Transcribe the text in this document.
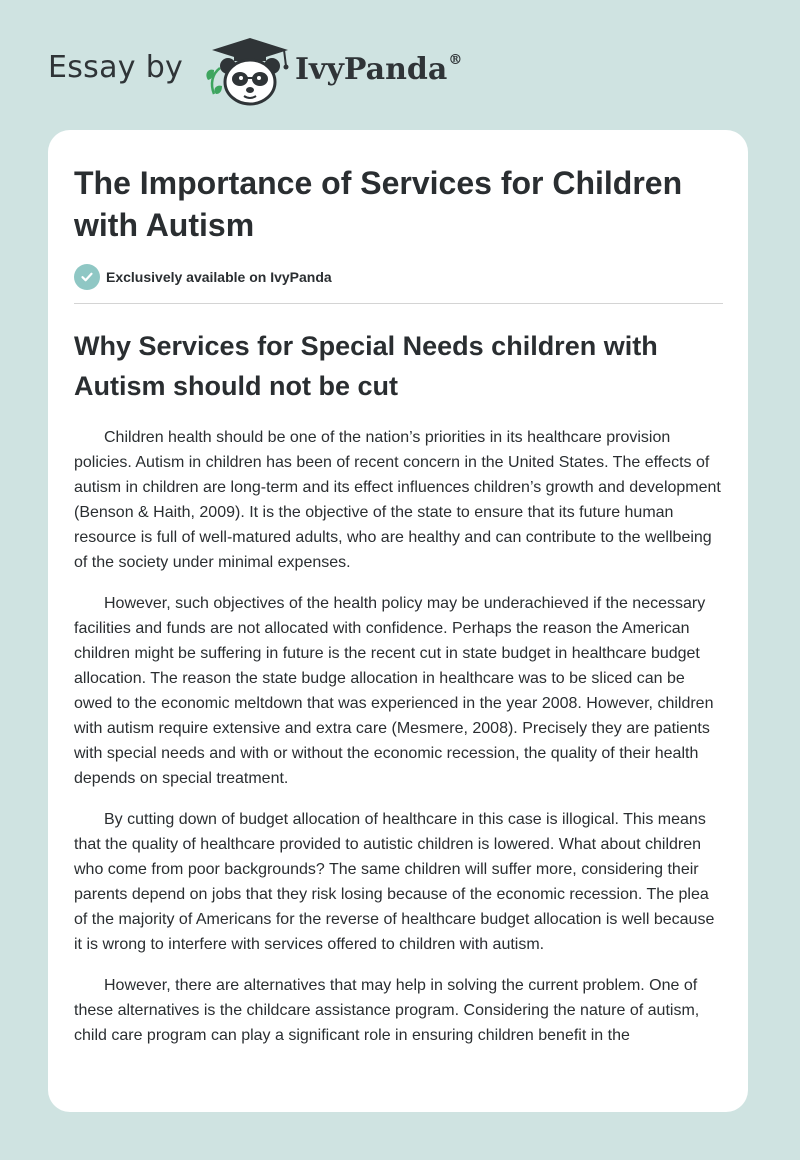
Essay by	IvyPanda®
The Importance of Services for Children with Autism
Exclusively available on IvyPanda
Why Services for Special Needs children with Autism should not be cut

Children health should be one of the nation’s priorities in its healthcare provision policies. Autism in children has been of recent concern in the United States. The effects of autism in children are long-term and its effect influences children’s growth and development (Benson & Haith, 2009). It is the objective of the state to ensure that its future human resource is full of well-matured adults, who are healthy and can contribute to the wellbeing of the society under minimal expenses.

However, such objectives of the health policy may be underachieved if the necessary facilities and funds are not allocated with confidence. Perhaps the reason the American children might be suffering in future is the recent cut in state budget in healthcare budget allocation. The reason the state budge allocation in healthcare was to be sliced can be owed to the economic meltdown that was experienced in the year 2008. However, children with autism require extensive and extra care (Mesmere, 2008). Precisely they are patients with special needs and with or without the economic recession, the quality of their health depends on special treatment.

By cutting down of budget allocation of healthcare in this case is illogical. This means that the quality of healthcare provided to autistic children is lowered. What about children who come from poor backgrounds? The same children will suffer more, considering their parents depend on jobs that they risk losing because of the economic recession. The plea of the majority of Americans for the reverse of healthcare budget allocation is well because it is wrong to interfere with services offered to children with autism.

However, there are alternatives that may help in solving the current problem. One of these alternatives is the childcare assistance program. Considering the nature of autism, child care program can play a significant role in ensuring children benefit in the
